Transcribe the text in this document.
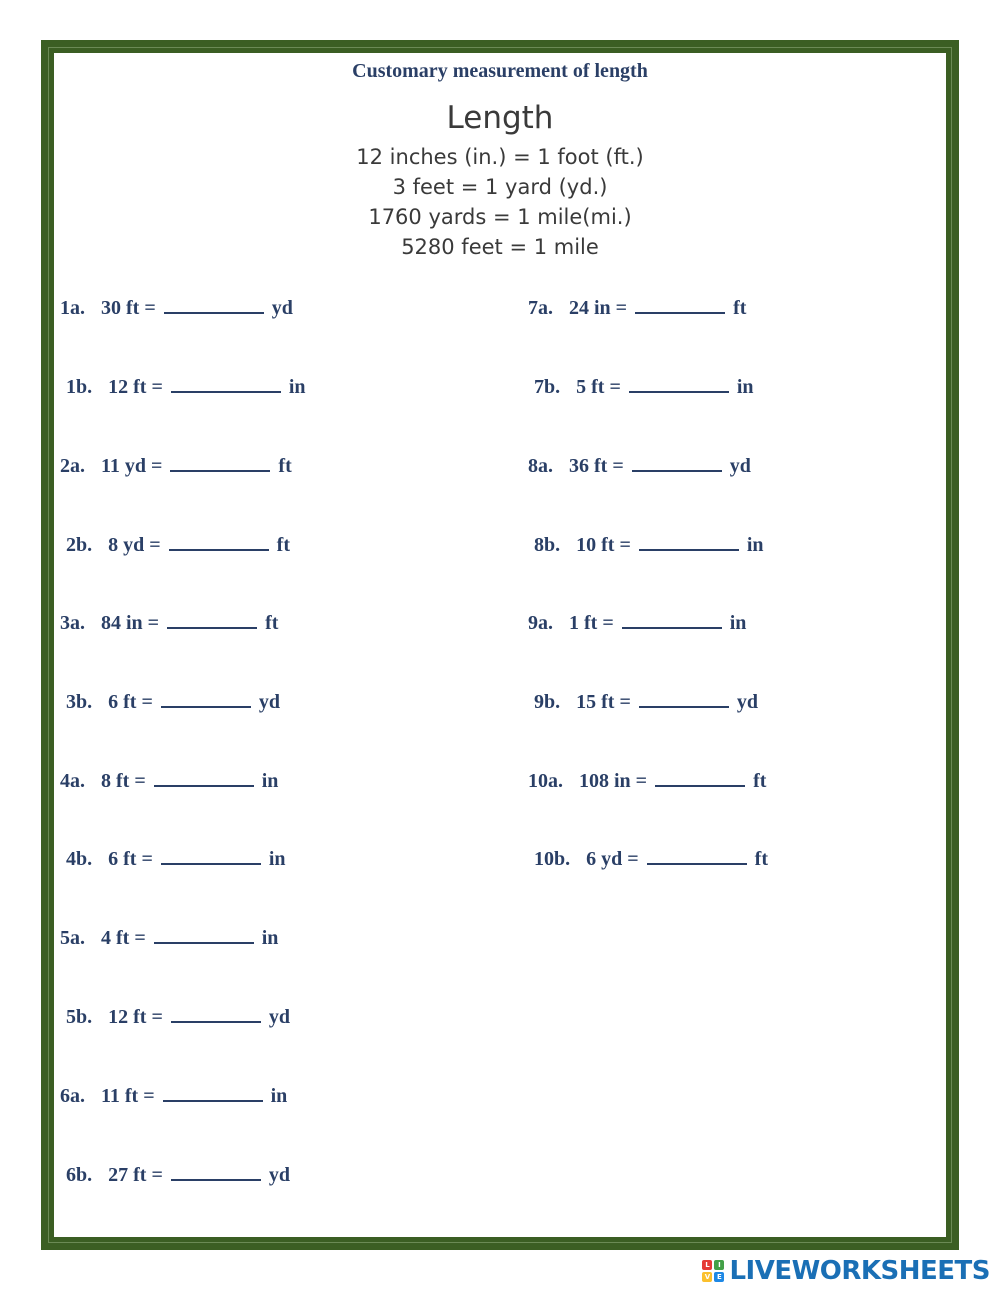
Customary measurement of length
Length
12 inches (in.) = 1 foot (ft.)
3 feet = 1 yard (yd.)
1760 yards = 1 mile(mi.)
5280 feet = 1 mile
1a. 30 ft =	yd
1b. 12 ft =	in
2a. 11 yd =	ft
2b. 8 yd =	ft
3a. 84 in =	ft
3b. 6 ft =	yd
4a. 8 ft =	in
4b. 6 ft =	in
5a. 4 ft =	in
5b. 12 ft =	yd
6a. 11 ft =	in
6b. 27 ft =	yd
7a. 24 in =	ft
7b. 5 ft =	in
8a. 36 ft =	yd
8b. 10 ft =	in
9a. 1 ft =	in
9b. 15 ft =	yd
10a. 108 in =	ft
10b. 6 yd =	ft
L	I
V E LIVEWORKSHEETS
